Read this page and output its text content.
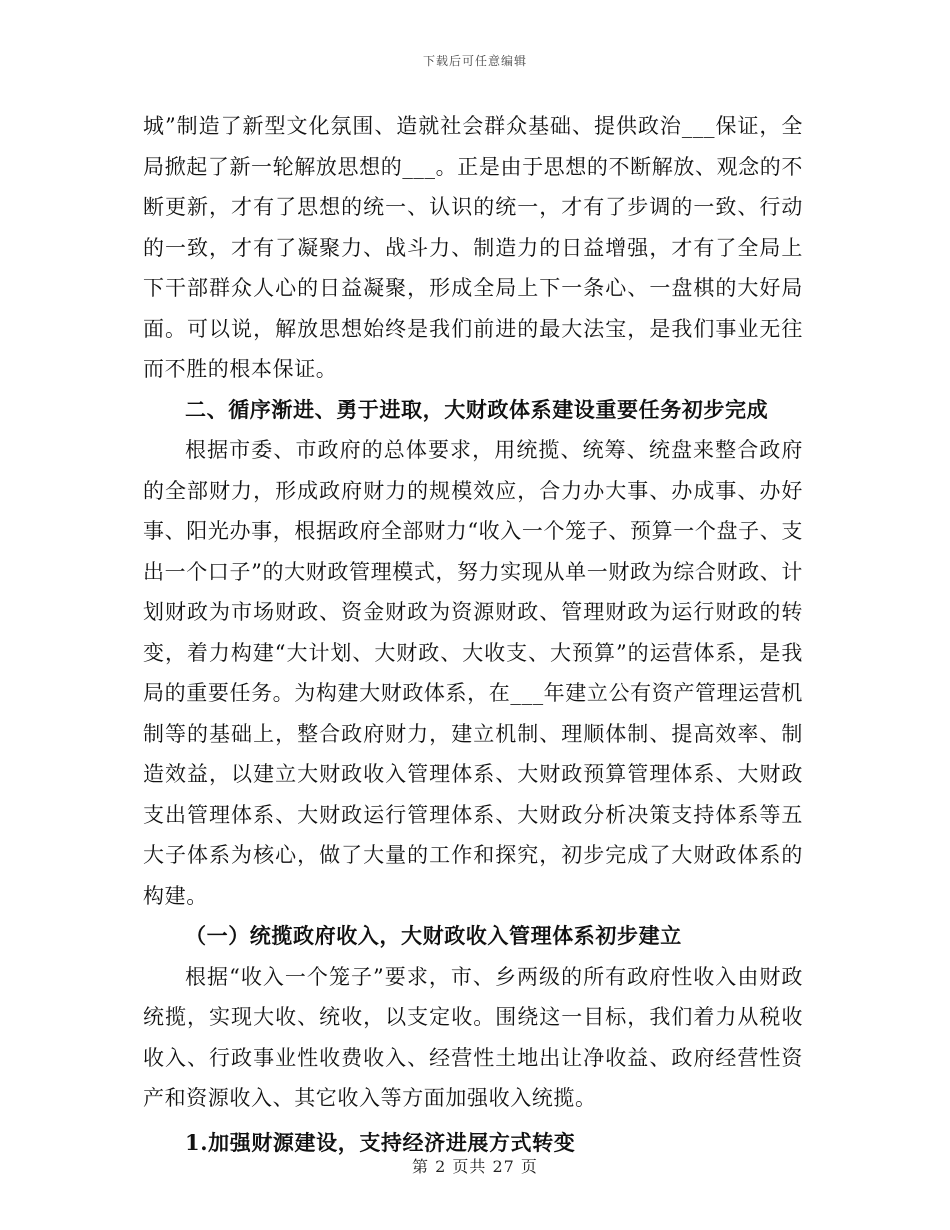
下载后可任意编辑

城”制造了新型文化氛围、造就社会群众基础、提供政治___保证，全局掀起了新一轮解放思想的___。正是由于思想的不断解放、观念的不断更新，才有了思想的统一、认识的统一，才有了步调的一致、行动的一致，才有了凝聚力、战斗力、制造力的日益增强，才有了全局上下干部群众人心的日益凝聚，形成全局上下一条心、一盘棋的大好局面。可以说，解放思想始终是我们前进的最大法宝，是我们事业无往而不胜的根本保证。

二、循序渐进、勇于进取，大财政体系建设重要任务初步完成

根据市委、市政府的总体要求，用统揽、统筹、统盘来整合政府的全部财力，形成政府财力的规模效应，合力办大事、办成事、办好事、阳光办事，根据政府全部财力“收入一个笼子、预算一个盘子、支出一个口子”的大财政管理模式，努力实现从单一财政为综合财政、计划财政为市场财政、资金财政为资源财政、管理财政为运行财政的转变，着力构建“大计划、大财政、大收支、大预算”的运营体系，是我局的重要任务。为构建大财政体系，在___年建立公有资产管理运营机制等的基础上，整合政府财力，建立机制、理顺体制、提高效率、制造效益，以建立大财政收入管理体系、大财政预算管理体系、大财政支出管理体系、大财政运行管理体系、大财政分析决策支持体系等五大子体系为核心，做了大量的工作和探究，初步完成了大财政体系的构建。

（一）统揽政府收入，大财政收入管理体系初步建立

根据“收入一个笼子”要求，市、乡两级的所有政府性收入由财政统揽，实现大收、统收，以支定收。围绕这一目标，我们着力从税收收入、行政事业性收费收入、经营性土地出让净收益、政府经营性资产和资源收入、其它收入等方面加强收入统揽。

1.加强财源建设，支持经济进展方式转变

第 2 页共 27 页
